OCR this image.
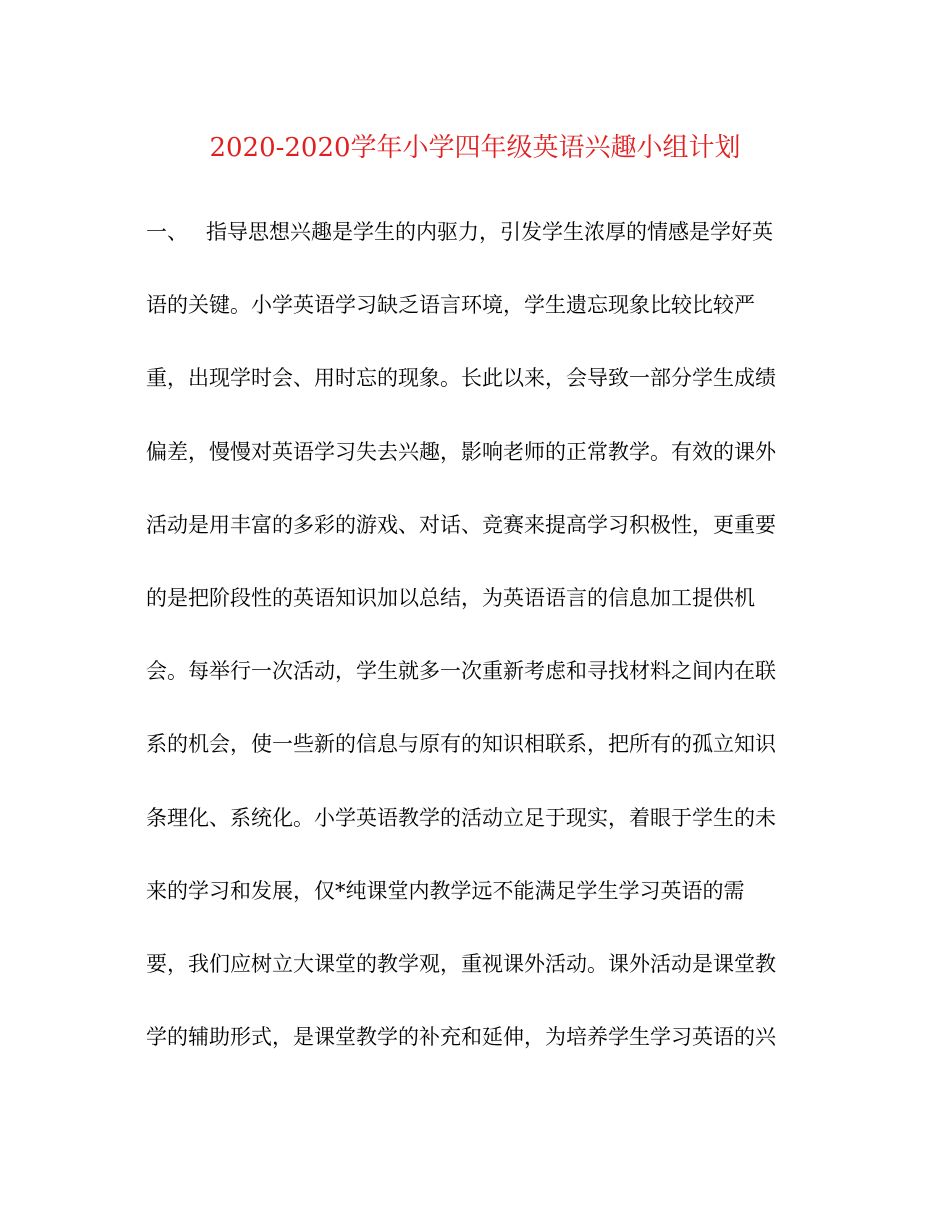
2020-2020学年小学四年级英语兴趣小组计划
一、 指导思想兴趣是学生的内驱力，引发学生浓厚的情感是学好英
语的关键。小学英语学习缺乏语言环境，学生遗忘现象比较比较严
重，出现学时会、用时忘的现象。长此以来，会导致一部分学生成绩
偏差，慢慢对英语学习失去兴趣，影响老师的正常教学。有效的课外
活动是用丰富的多彩的游戏、对话、竞赛来提高学习积极性，更重要
的是把阶段性的英语知识加以总结，为英语语言的信息加工提供机
会。每举行一次活动，学生就多一次重新考虑和寻找材料之间内在联
系的机会，使一些新的信息与原有的知识相联系，把所有的孤立知识
条理化、系统化。小学英语教学的活动立足于现实，着眼于学生的未
来的学习和发展，仅*纯课堂内教学远不能满足学生学习英语的需
要，我们应树立大课堂的教学观，重视课外活动。课外活动是课堂教
学的辅助形式，是课堂教学的补充和延伸，为培养学生学习英语的兴
